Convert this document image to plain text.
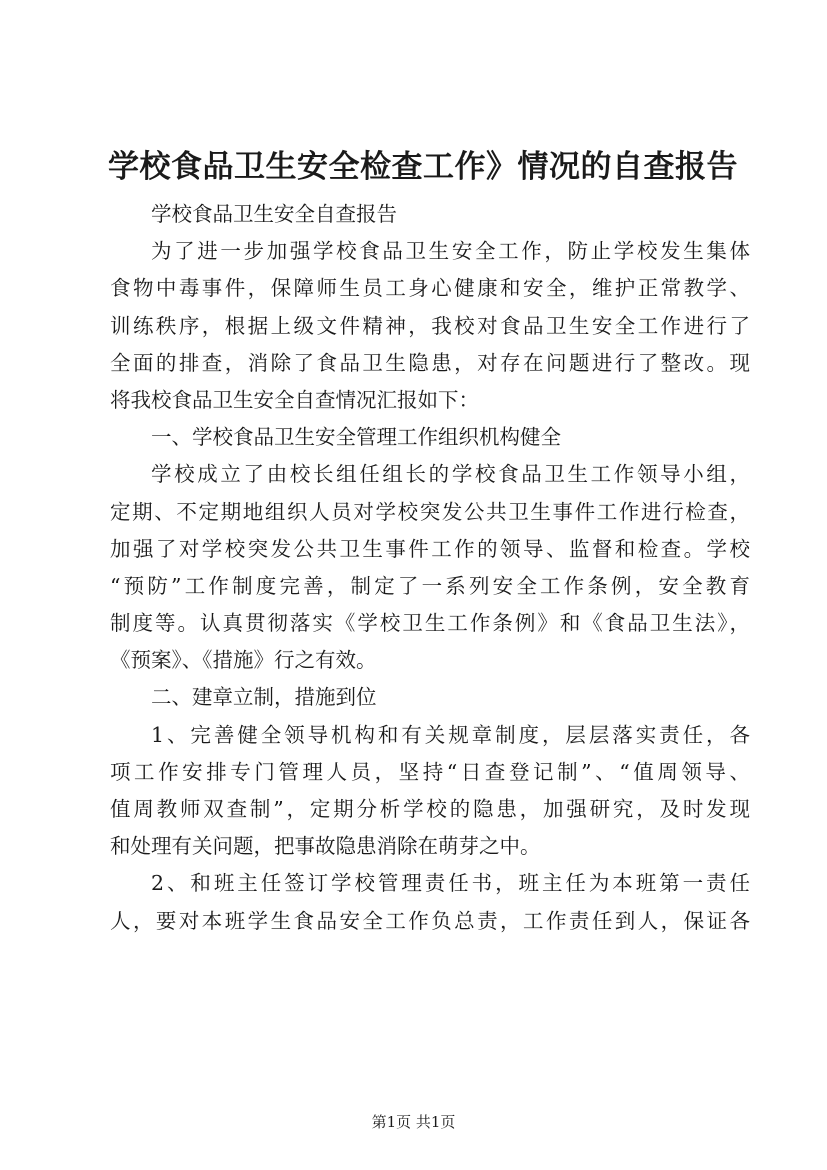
学校食品卫生安全检查工作》情况的自查报告
学校食品卫生安全自查报告
为了进一步加强学校食品卫生安全工作，防止学校发生集体
食物中毒事件，保障师生员工身心健康和安全，维护正常教学、
训练秩序，根据上级文件精神，我校对食品卫生安全工作进行了
全面的排查，消除了食品卫生隐患，对存在问题进行了整改。现
将我校食品卫生安全自查情况汇报如下：
一、学校食品卫生安全管理工作组织机构健全
学校成立了由校长组任组长的学校食品卫生工作领导小组，
定期、不定期地组织人员对学校突发公共卫生事件工作进行检查，
加强了对学校突发公共卫生事件工作的领导、监督和检查。学校
“预防”工作制度完善，制定了一系列安全工作条例，安全教育
制度等。认真贯彻落实《学校卫生工作条例》和《食品卫生法》，
《预案》、《措施》行之有效。
二、建章立制，措施到位
1、完善健全领导机构和有关规章制度，层层落实责任，各
项工作安排专门管理人员，坚持“日查登记制”、“值周领导、
值周教师双查制”，定期分析学校的隐患，加强研究，及时发现
和处理有关问题，把事故隐患消除在萌芽之中。
2、和班主任签订学校管理责任书，班主任为本班第一责任
人，要对本班学生食品安全工作负总责，工作责任到人，保证各
第1页 共1页
